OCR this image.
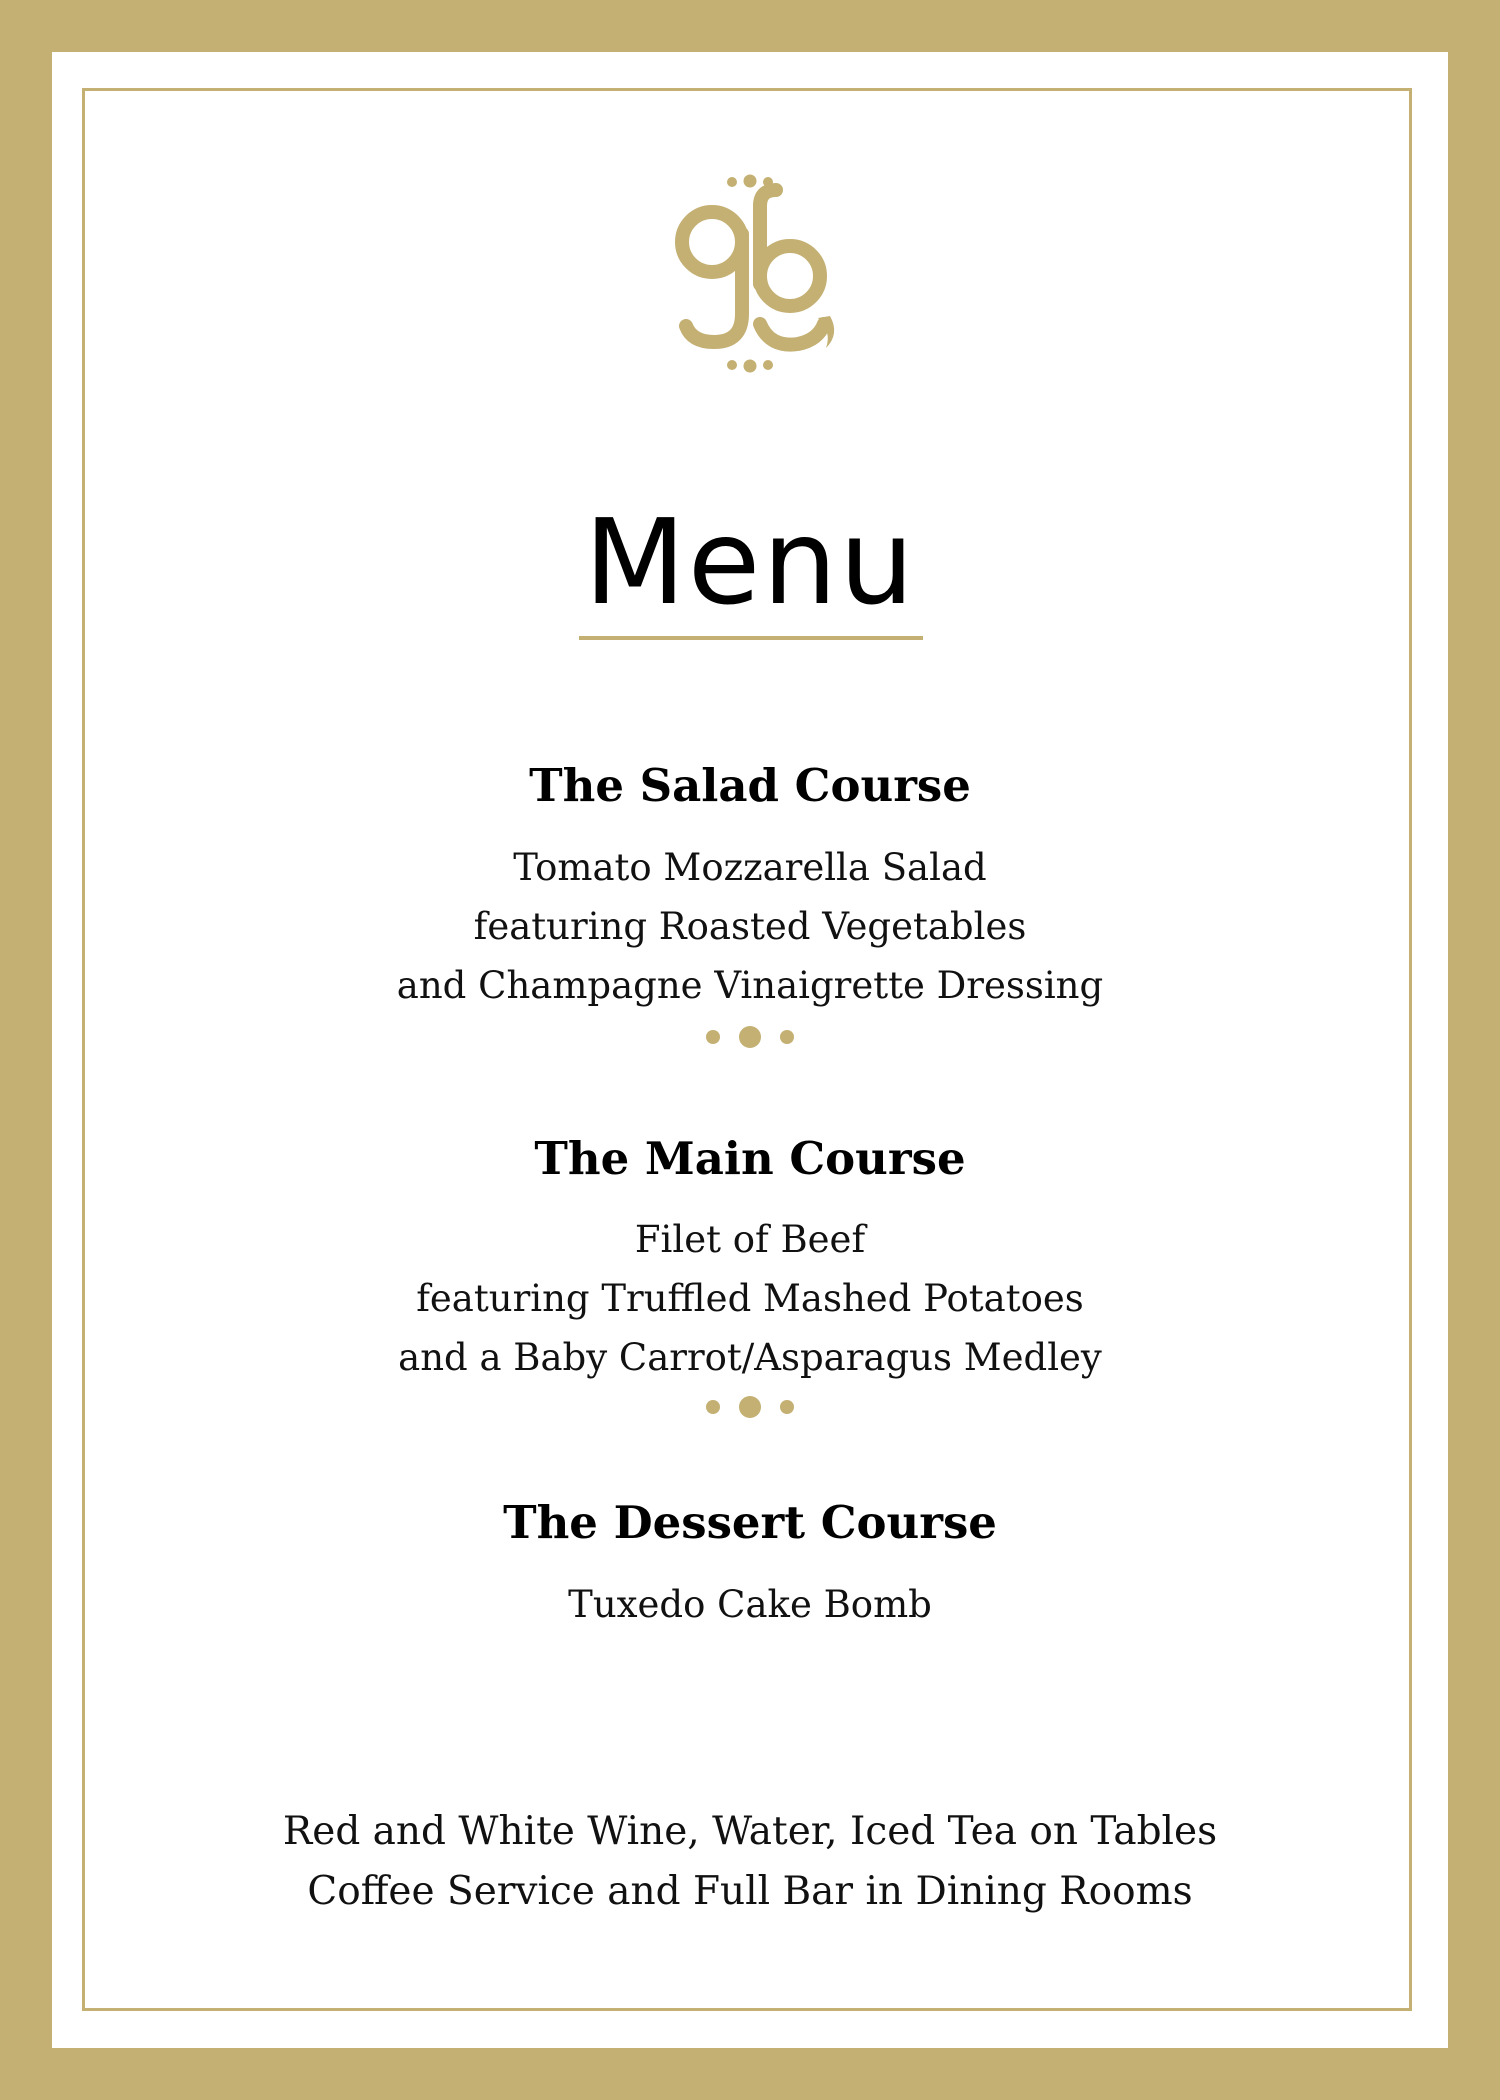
Menu
The Salad Course
Tomato Mozzarella Salad
featuring Roasted Vegetables
and Champagne Vinaigrette Dressing
The Main Course
Filet of Beef
featuring Truffled Mashed Potatoes
and a Baby Carrot/Asparagus Medley
The Dessert Course
Tuxedo Cake Bomb
Red and White Wine, Water, Iced Tea on Tables
Coffee Service and Full Bar in Dining Rooms
